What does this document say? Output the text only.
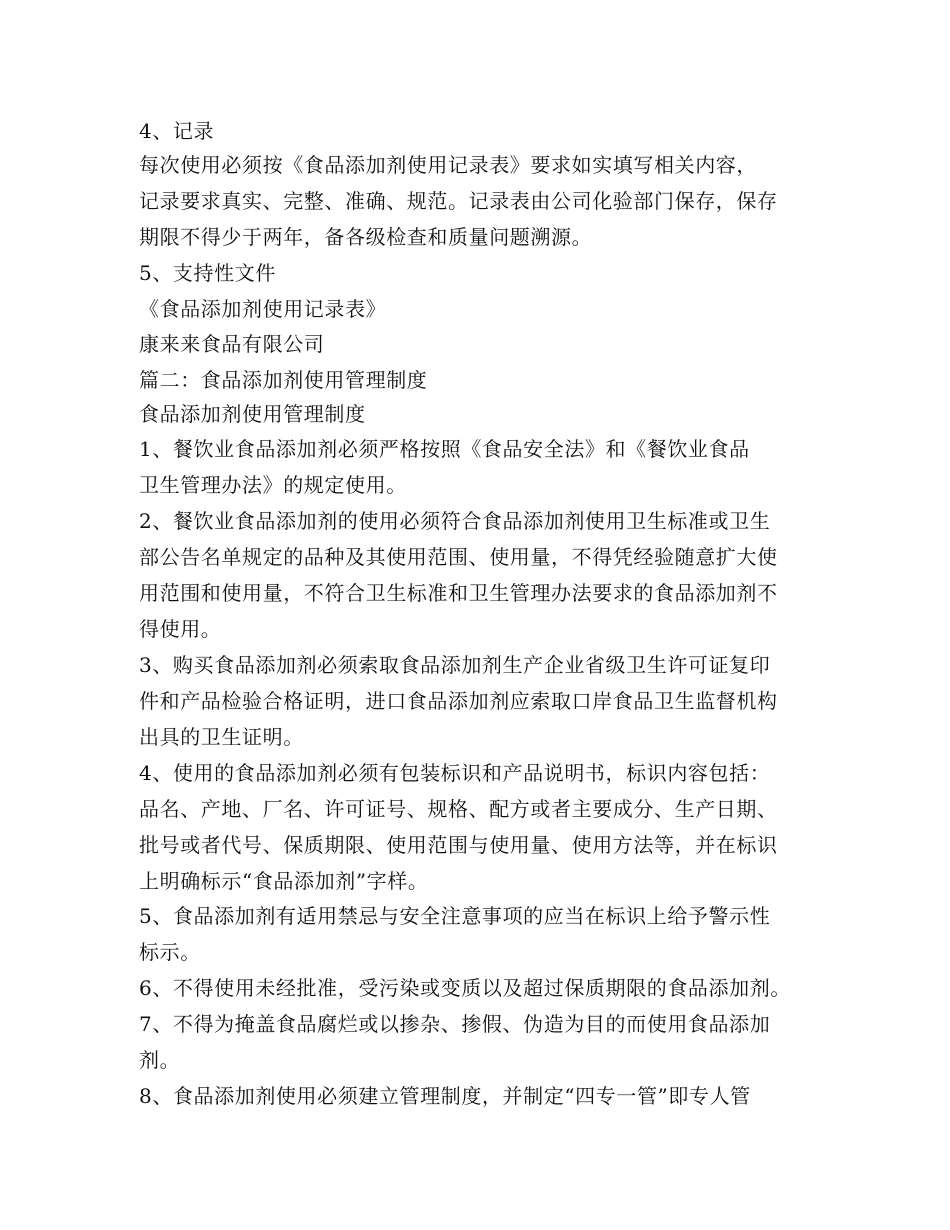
4、记录
每次使用必须按《食品添加剂使用记录表》要求如实填写相关内容，
记录要求真实、完整、准确、规范。记录表由公司化验部门保存，保存
期限不得少于两年，备各级检查和质量问题溯源。
5、支持性文件
《食品添加剂使用记录表》
康来来食品有限公司
篇二：食品添加剂使用管理制度
食品添加剂使用管理制度
1、餐饮业食品添加剂必须严格按照《食品安全法》和《餐饮业食品
卫生管理办法》的规定使用。
2、餐饮业食品添加剂的使用必须符合食品添加剂使用卫生标准或卫生
部公告名单规定的品种及其使用范围、使用量，不得凭经验随意扩大使
用范围和使用量，不符合卫生标准和卫生管理办法要求的食品添加剂不
得使用。
3、购买食品添加剂必须索取食品添加剂生产企业省级卫生许可证复印
件和产品检验合格证明，进口食品添加剂应索取口岸食品卫生监督机构
出具的卫生证明。
4、使用的食品添加剂必须有包装标识和产品说明书，标识内容包括：
品名、产地、厂名、许可证号、规格、配方或者主要成分、生产日期、
批号或者代号、保质期限、使用范围与使用量、使用方法等，并在标识
上明确标示“食品添加剂”字样。
5、食品添加剂有适用禁忌与安全注意事项的应当在标识上给予警示性
标示。
6、不得使用未经批准，受污染或变质以及超过保质期限的食品添加剂。
7、不得为掩盖食品腐烂或以掺杂、掺假、伪造为目的而使用食品添加
剂。
8、食品添加剂使用必须建立管理制度，并制定“四专一管”即专人管
